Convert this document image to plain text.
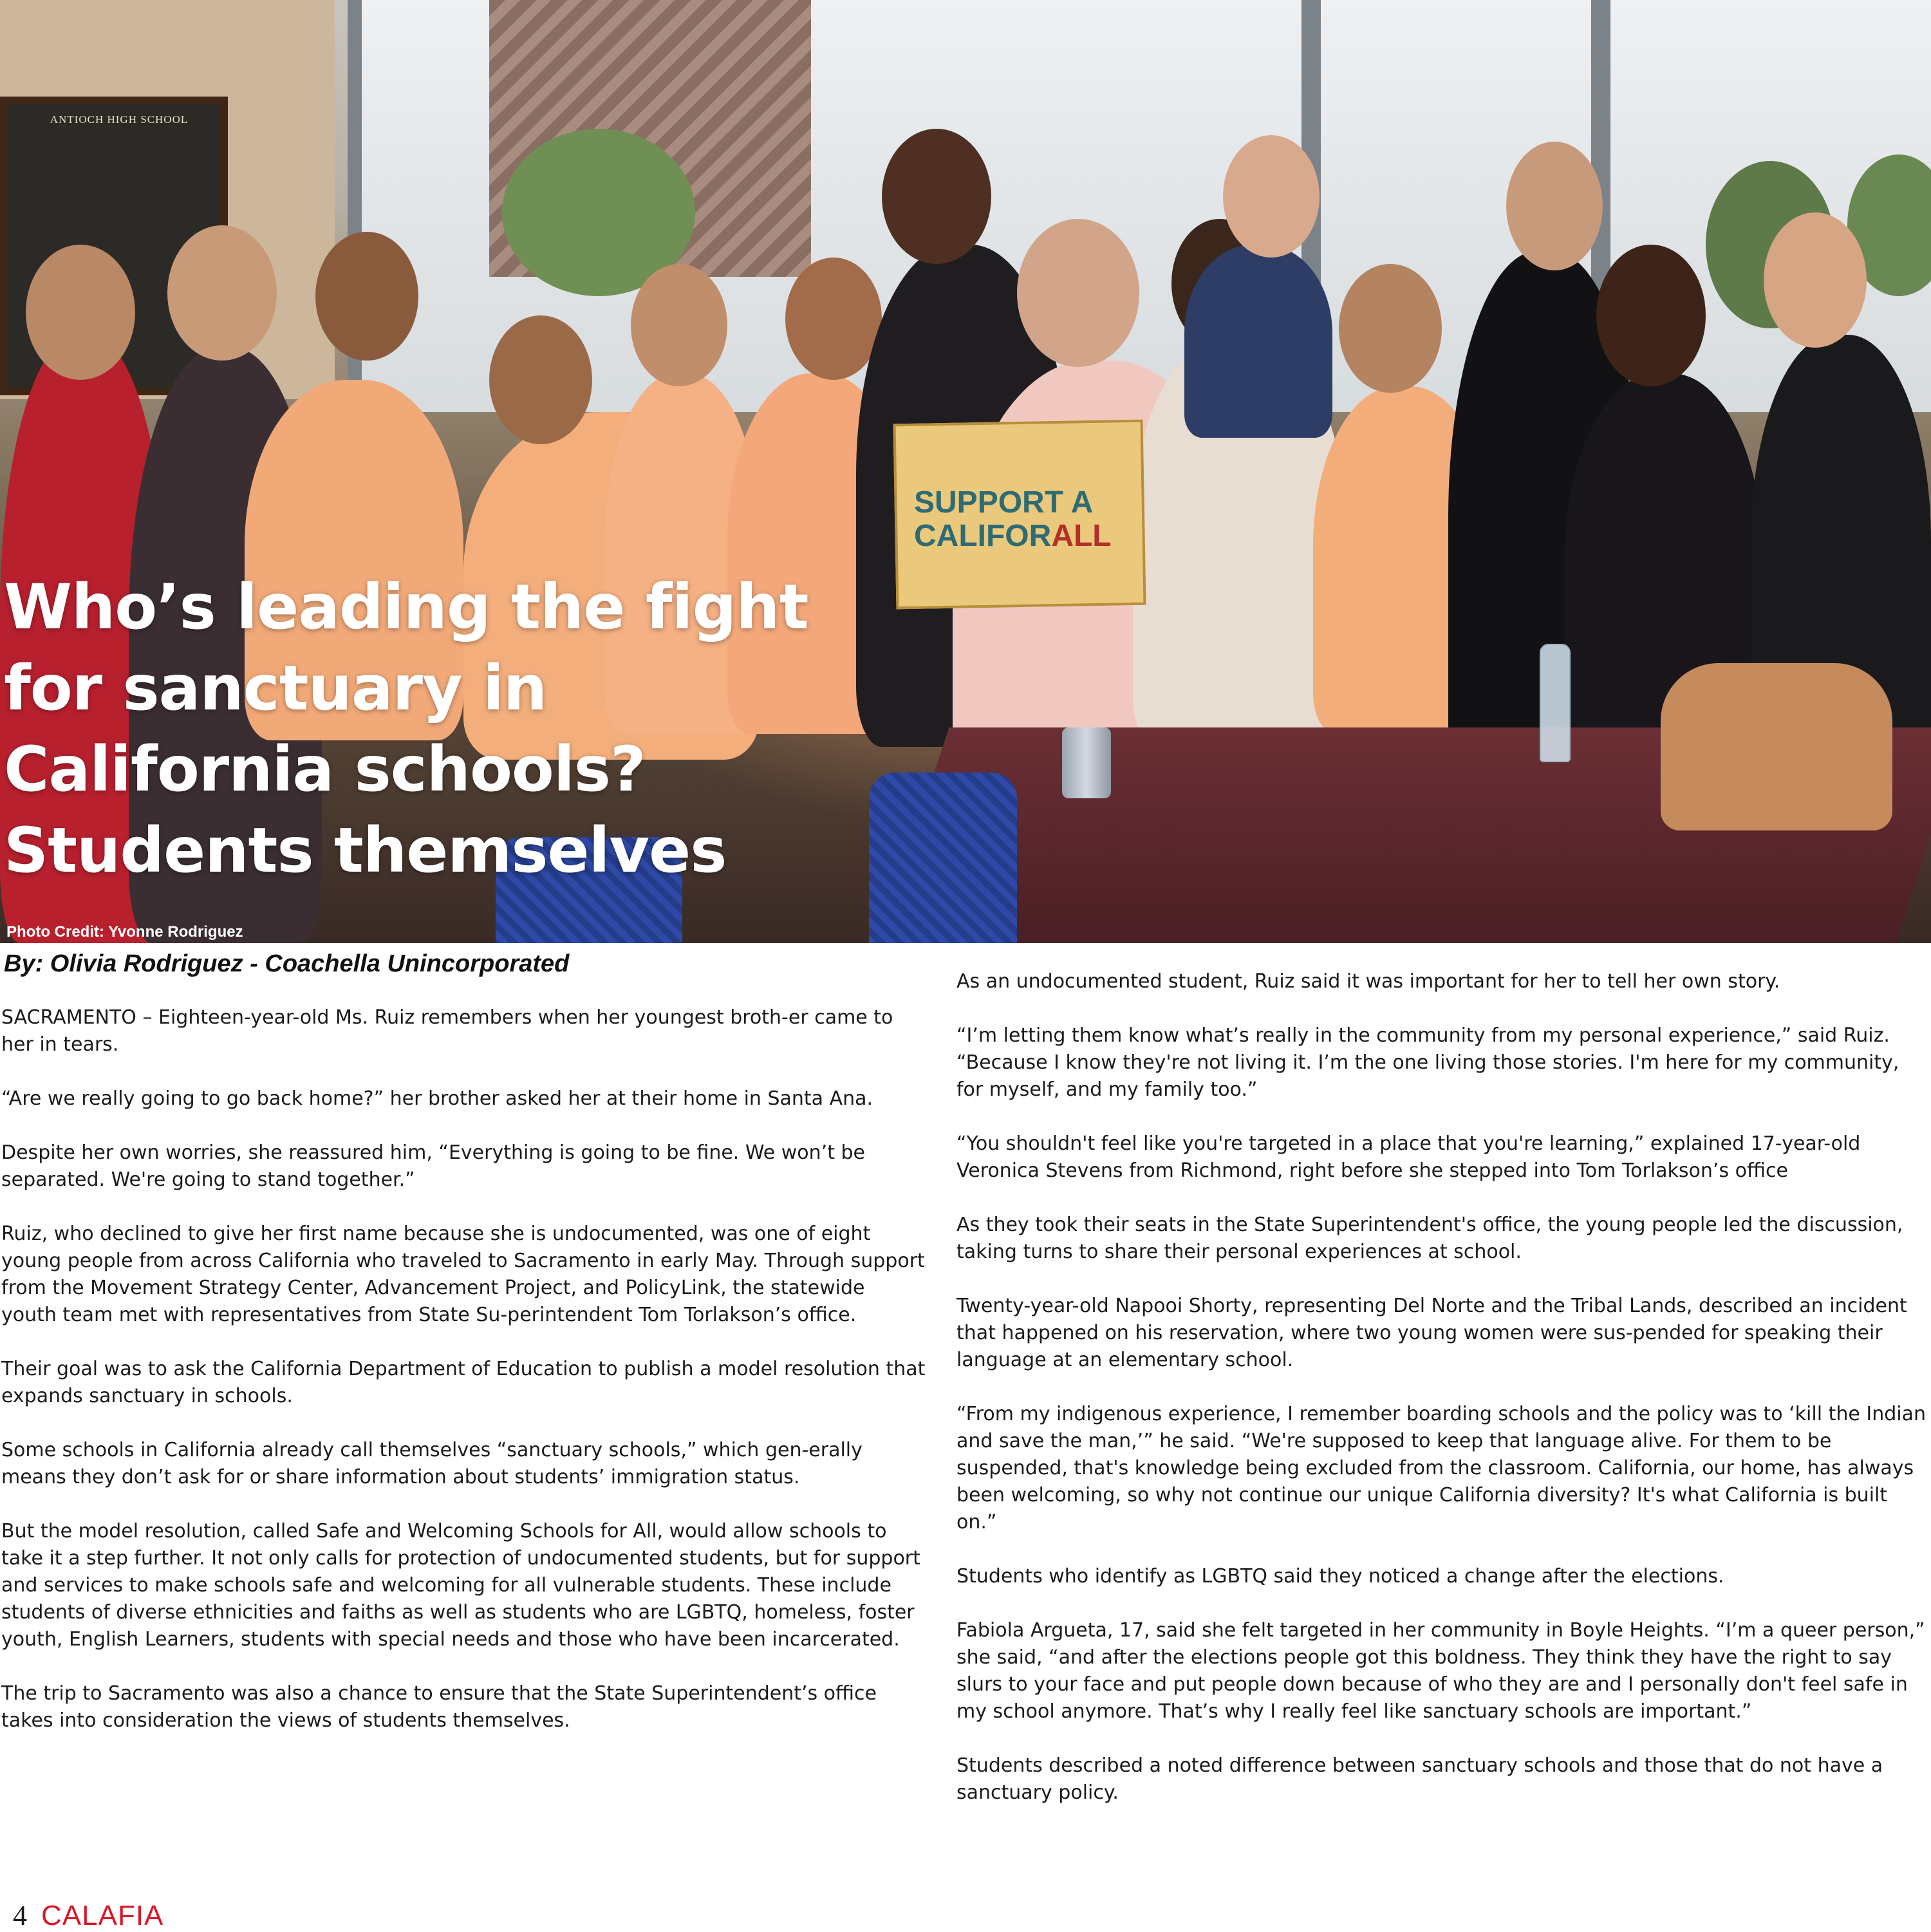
ANTIOCH HIGH SCHOOL
SUPPORT A
CALIFORALL
Who’s leading the fight
for sanctuary in
California schools?
Students themselves
Photo Credit: Yvonne Rodriguez
By: Olivia Rodriguez - Coachella Unincorporated

SACRAMENTO – Eighteen-year-old Ms. Ruiz remembers when her youngest broth-er came to her in tears.

“Are we really going to go back home?” her brother asked her at their home in Santa Ana.

Despite her own worries, she reassured him, “Everything is going to be fine. We won’t be separated. We're going to stand together.”

Ruiz, who declined to give her first name because she is undocumented, was one of eight young people from across California who traveled to Sacramento in early May. Through support from the Movement Strategy Center, Advancement Project, and PolicyLink, the statewide youth team met with representatives from State Su-perintendent Tom Torlakson’s office.

Their goal was to ask the California Department of Education to publish a model resolution that expands sanctuary in schools.

Some schools in California already call themselves “sanctuary schools,” which gen-erally means they don’t ask for or share information about students’ immigration status.

But the model resolution, called Safe and Welcoming Schools for All, would allow schools to take it a step further. It not only calls for protection of undocumented students, but for support and services to make schools safe and welcoming for all vulnerable students. These include students of diverse ethnicities and faiths as well as students who are LGBTQ, homeless, foster youth, English Learners, students with special needs and those who have been incarcerated.

The trip to Sacramento was also a chance to ensure that the State Superintendent’s office takes into consideration the views of students themselves.

As an undocumented student, Ruiz said it was important for her to tell her own story.

“I’m letting them know what’s really in the community from my personal experience,” said Ruiz. “Because I know they're not living it. I’m the one living those stories. I'm here for my community, for myself, and my family too.”

“You shouldn't feel like you're targeted in a place that you're learning,” explained 17-year-old Veronica Stevens from Richmond, right before she stepped into Tom Torlakson’s office

As they took their seats in the State Superintendent's office, the young people led the discussion, taking turns to share their personal experiences at school.

Twenty-year-old Napooi Shorty, representing Del Norte and the Tribal Lands, described an incident that happened on his reservation, where two young women were sus-pended for speaking their language at an elementary school.

“From my indigenous experience, I remember boarding schools and the policy was to ‘kill the Indian and save the man,’” he said. “We're supposed to keep that language alive. For them to be suspended, that's knowledge being excluded from the classroom. California, our home, has always been welcoming, so why not continue our unique California diversity? It's what California is built on.”

Students who identify as LGBTQ said they noticed a change after the elections.

Fabiola Argueta, 17, said she felt targeted in her community in Boyle Heights. “I’m a queer person,” she said, “and after the elections people got this boldness. They think they have the right to say slurs to your face and put people down because of who they are and I personally don't feel safe in my school anymore. That’s why I really feel like sanctuary schools are important.”

Students described a noted difference between sanctuary schools and those that do not have a sanctuary policy.

4 CALAFIA
